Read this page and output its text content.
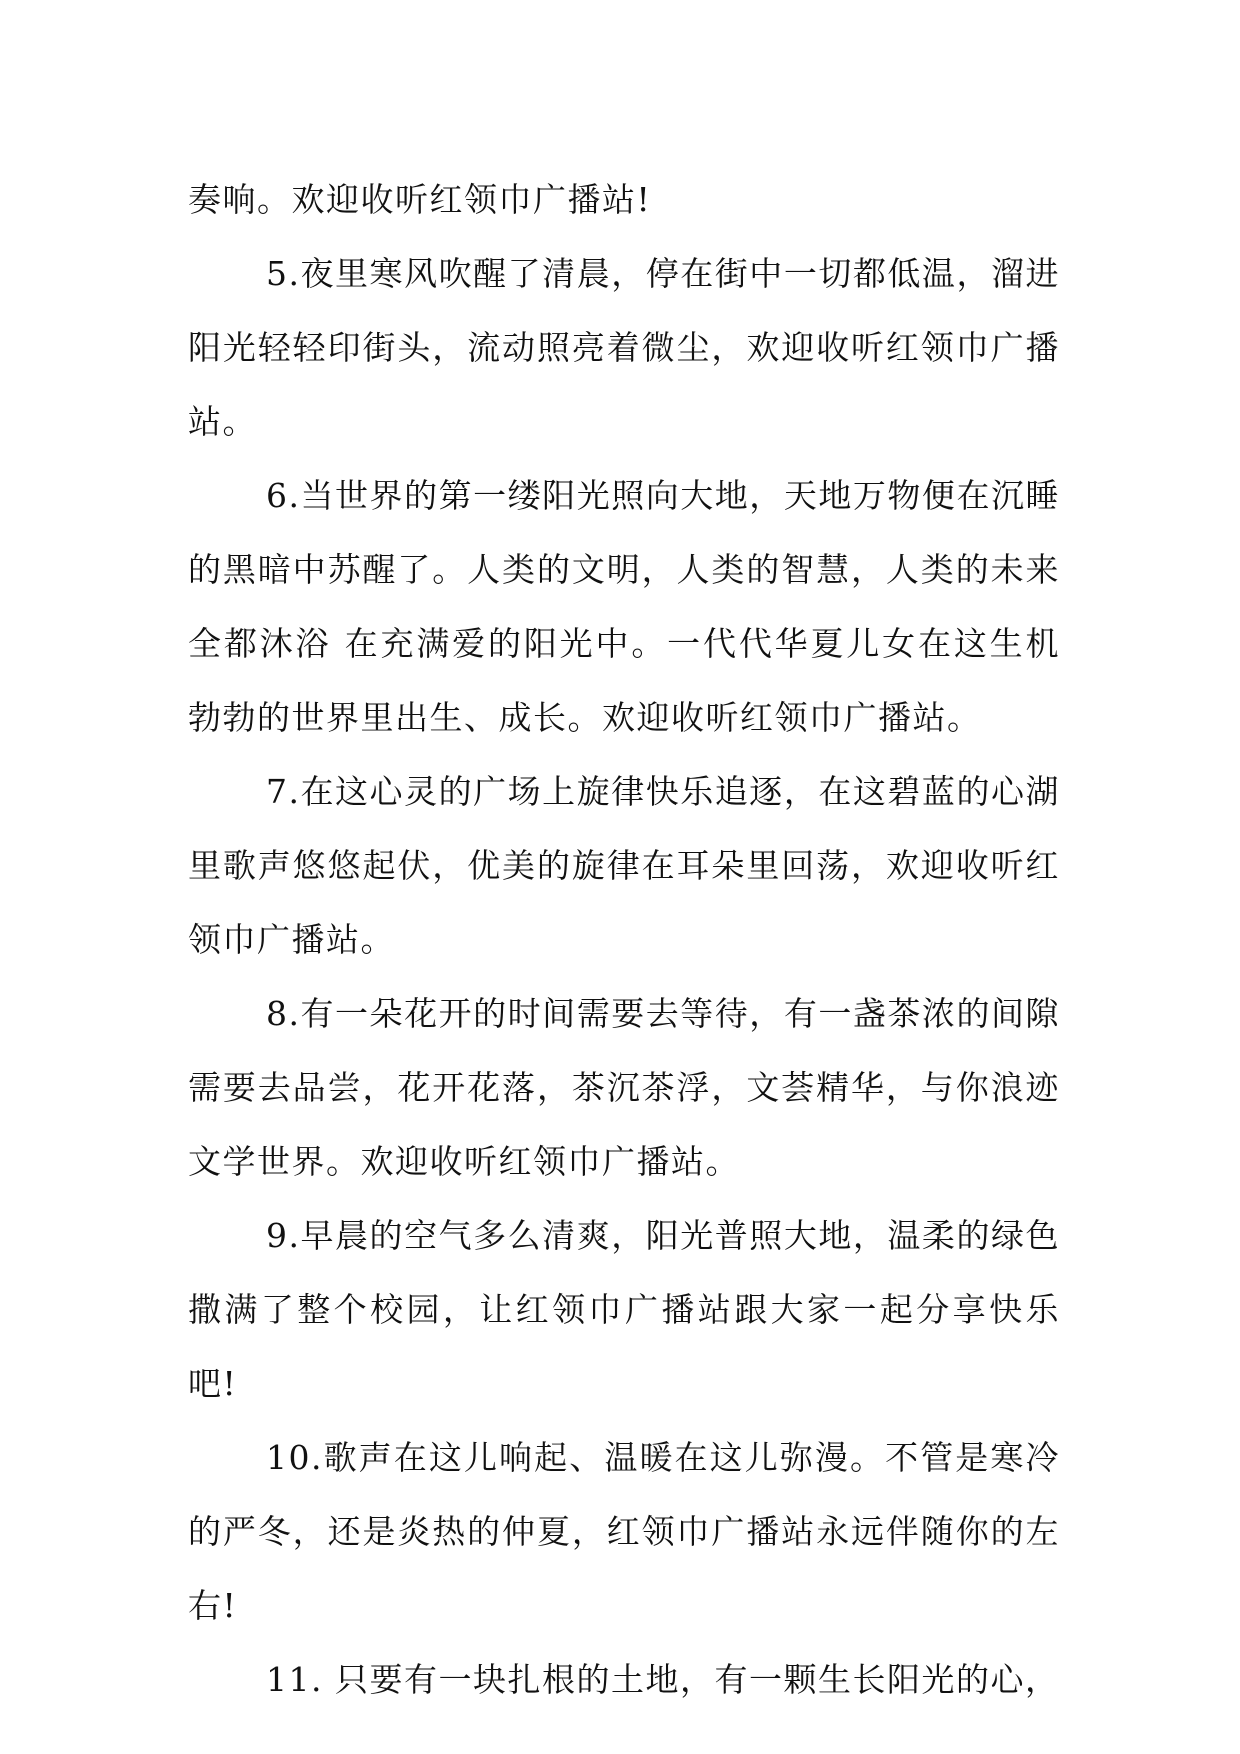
奏响。欢迎收听红领巾广播站!

5.夜里寒风吹醒了清晨，停在街中一切都低温，溜进阳光轻轻印街头，流动照亮着微尘，欢迎收听红领巾广播站。

6.当世界的第一缕阳光照向大地，天地万物便在沉睡的黑暗中苏醒了。人类的文明，人类的智慧，人类的未来全都沐浴 在充满爱的阳光中。一代代华夏儿女在这生机勃勃的世界里出生、成长。欢迎收听红领巾广播站。

7.在这心灵的广场上旋律快乐追逐，在这碧蓝的心湖里歌声悠悠起伏，优美的旋律在耳朵里回荡，欢迎收听红领巾广播站。

8.有一朵花开的时间需要去等待，有一盏茶浓的间隙需要去品尝，花开花落，茶沉茶浮，文荟精华，与你浪迹文学世界。欢迎收听红领巾广播站。

9.早晨的空气多么清爽，阳光普照大地，温柔的绿色撒满了整个校园，让红领巾广播站跟大家一起分享快乐吧!

10.歌声在这儿响起、温暖在这儿弥漫。不管是寒冷的严冬，还是炎热的仲夏，红领巾广播站永远伴随你的左右!

11. 只要有一块扎根的土地，有一颗生长阳光的心，
